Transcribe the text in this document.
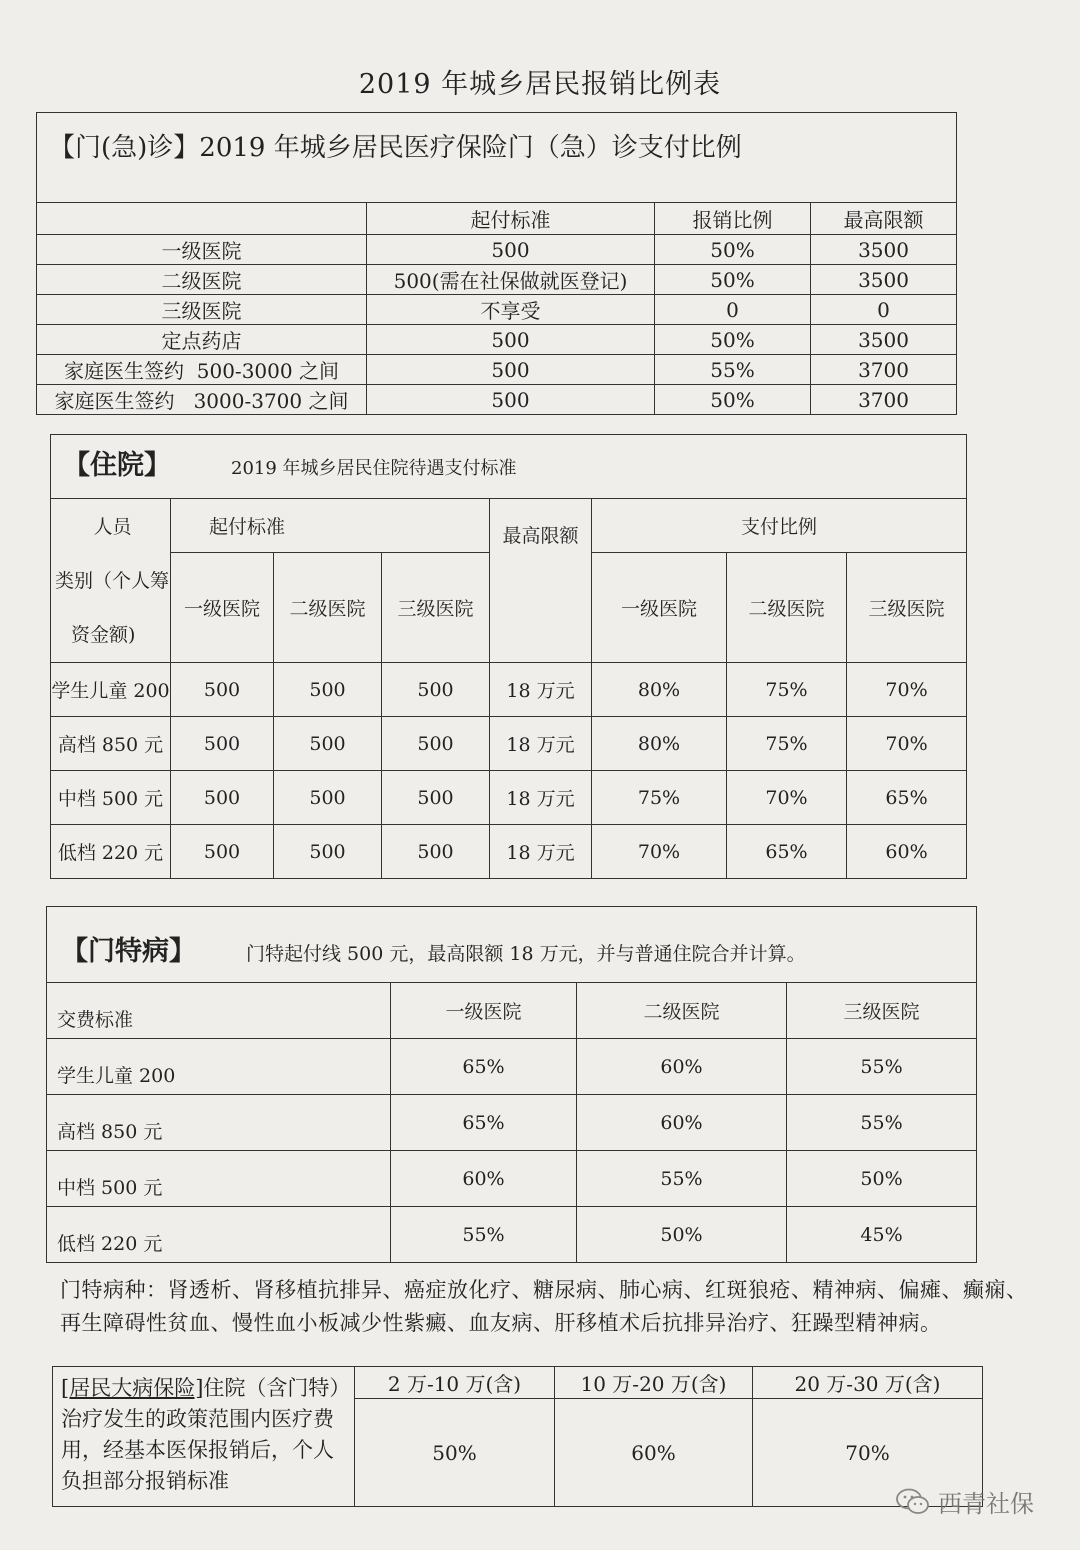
2019 年城乡居民报销比例表
【门(急)诊】2019 年城乡居民医疗保险门（急）诊支付比例			

	起付标准	报销比例	最高限额
一级医院	500	50%	3500
二级医院	500(需在社保做就医登记)	50%	3500
三级医院	不享受	0	0
定点药店	500	50%	3500
家庭医生签约  500-3000 之间	500	55%	3700
家庭医生签约   3000-3700 之间	500	50%	3700
【住院】 2019 年城乡居民住院待遇支付标准							

人员
类别（个人筹
资金额)	起付标准			最高限额	支付比例		
	一级医院	二级医院	三级医院		一级医院	二级医院	三级医院
学生儿童 200	500	500	500	18 万元	80%	75%	70%
高档 850 元	500	500	500	18 万元	80%	75%	70%
中档 500 元	500	500	500	18 万元	75%	70%	65%
低档 220 元	500	500	500	18 万元	70%	65%	60%
【门特病】 门特起付线 500 元，最高限额 18 万元，并与普通住院合并计算。			

交费标准	一级医院	二级医院	三级医院
学生儿童 200	65%	60%	55%
高档 850 元	65%	60%	55%
中档 500 元	60%	55%	50%
低档 220 元	55%	50%	45%
门特病种：肾透析、肾移植抗排异、癌症放化疗、糖尿病、肺心病、红斑狼疮、精神病、偏瘫、癫痫、再生障碍性贫血、慢性血小板减少性紫癜、血友病、肝移植术后抗排异治疗、狂躁型精神病。
[居民大病保险]住院（含门特）治疗发生的政策范围内医疗费用，经基本医保报销后，个人负担部分报销标准	2 万-10 万(含)	10 万-20 万(含)	20 万-30 万(含)
	50%	60%	70%
西青社保
